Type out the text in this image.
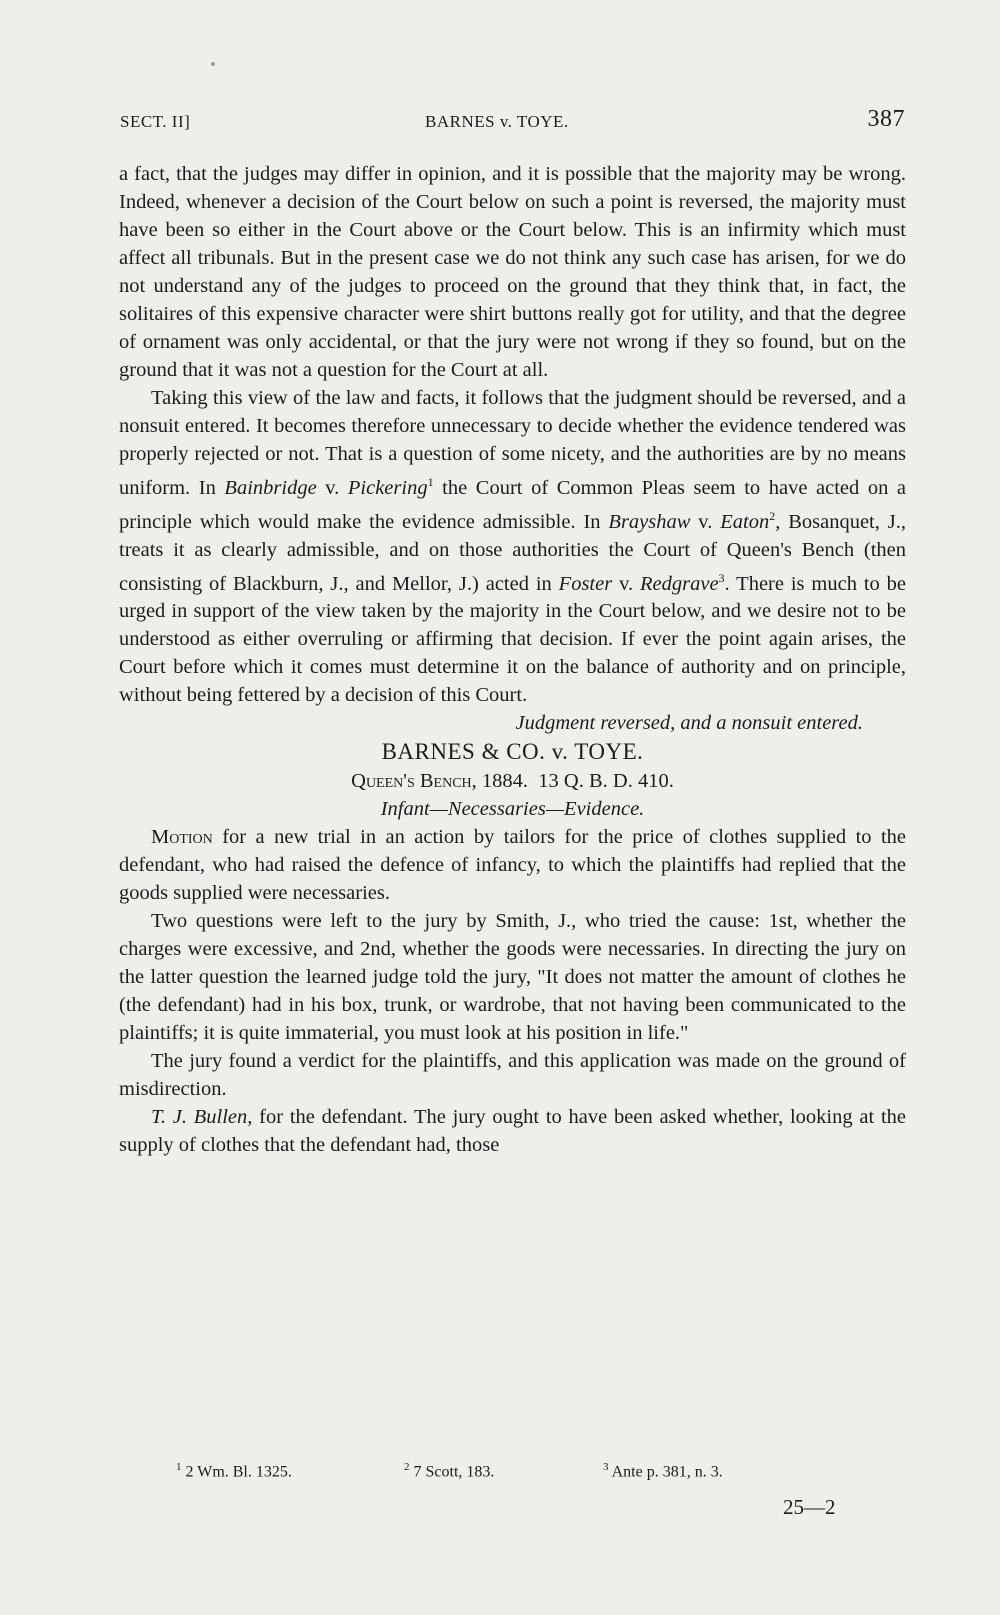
SECT. II]	BARNES v. TOYE.	387

a fact, that the judges may differ in opinion, and it is possible that the majority may be wrong. Indeed, whenever a decision of the Court below on such a point is reversed, the majority must have been so either in the Court above or the Court below. This is an infirmity which must affect all tribunals. But in the present case we do not think any such case has arisen, for we do not understand any of the judges to proceed on the ground that they think that, in fact, the solitaires of this expensive character were shirt buttons really got for utility, and that the degree of ornament was only accidental, or that the jury were not wrong if they so found, but on the ground that it was not a question for the Court at all.

Taking this view of the law and facts, it follows that the judgment should be reversed, and a nonsuit entered. It becomes therefore unnecessary to decide whether the evidence tendered was properly rejected or not. That is a question of some nicety, and the authorities are by no means uniform. In Bainbridge v. Pickering$^1$ the Court of Common Pleas seem to have acted on a principle which would make the evidence admissible. In Brayshaw v. Eaton$^2$, Bosanquet, J., treats it as clearly admissible, and on those authorities the Court of Queen's Bench (then consisting of Blackburn, J., and Mellor, J.) acted in Foster v. Redgrave$^3$. There is much to be urged in support of the view taken by the majority in the Court below, and we desire not to be understood as either overruling or affirming that decision. If ever the point again arises, the Court before which it comes must determine it on the balance of authority and on principle, without being fettered by a decision of this Court.

Judgment reversed, and a nonsuit entered.

BARNES & CO. v. TOYE.

Queen's Bench, 1884. 13 Q. B. D. 410.

Infant—Necessaries—Evidence.

Motion for a new trial in an action by tailors for the price of clothes supplied to the defendant, who had raised the defence of infancy, to which the plaintiffs had replied that the goods supplied were necessaries.

Two questions were left to the jury by Smith, J., who tried the cause: 1st, whether the charges were excessive, and 2nd, whether the goods were necessaries. In directing the jury on the latter question the learned judge told the jury, "It does not matter the amount of clothes he (the defendant) had in his box, trunk, or wardrobe, that not having been communicated to the plaintiffs; it is quite immaterial, you must look at his position in life."

The jury found a verdict for the plaintiffs, and this application was made on the ground of misdirection.

T. J. Bullen, for the defendant. The jury ought to have been asked whether, looking at the supply of clothes that the defendant had, those

$^1$ 2 Wm. Bl. 1325.	$^2$ 7 Scott, 183.	$^3$ Ante p. 381, n. 3.
25—2
